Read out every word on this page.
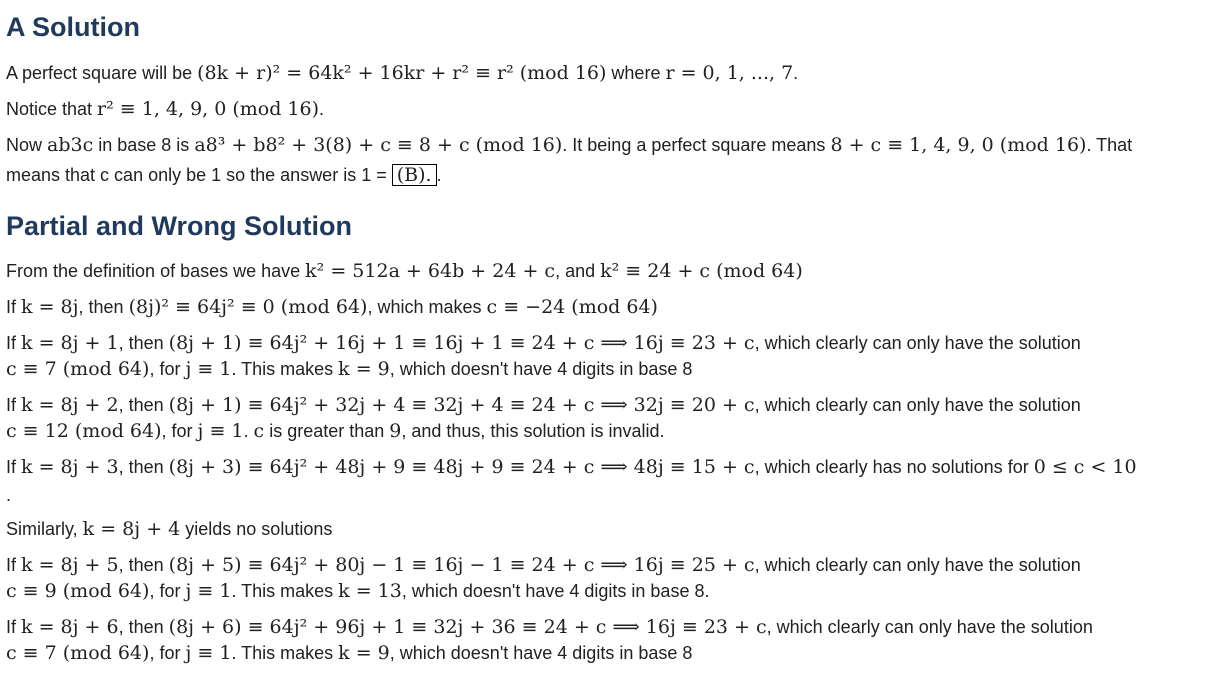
A Solution
A perfect square will be (8k + r)² = 64k² + 16kr + r² ≡ r² (mod 16) where r = 0, 1, ..., 7.
Notice that r² ≡ 1, 4, 9, 0 (mod 16).
Now ab3c in base 8 is a8³ + b8² + 3(8) + c ≡ 8 + c (mod 16). It being a perfect square means 8 + c ≡ 1, 4, 9, 0 (mod 16). That
means that c can only be 1 so the answer is 1 = (B). .
Partial and Wrong Solution
From the definition of bases we have k² = 512a + 64b + 24 + c, and k² ≡ 24 + c (mod 64)
If k = 8j, then (8j)² ≡ 64j² ≡ 0 (mod 64), which makes c ≡ −24 (mod 64)
If k = 8j + 1, then (8j + 1) ≡ 64j² + 16j + 1 ≡ 16j + 1 ≡ 24 + c ⟹ 16j ≡ 23 + c, which clearly can only have the solution
c ≡ 7 (mod 64), for j ≡ 1. This makes k = 9, which doesn't have 4 digits in base 8
If k = 8j + 2, then (8j + 1) ≡ 64j² + 32j + 4 ≡ 32j + 4 ≡ 24 + c ⟹ 32j ≡ 20 + c, which clearly can only have the solution
c ≡ 12 (mod 64), for j ≡ 1. c is greater than 9, and thus, this solution is invalid.
If k = 8j + 3, then (8j + 3) ≡ 64j² + 48j + 9 ≡ 48j + 9 ≡ 24 + c ⟹ 48j ≡ 15 + c, which clearly has no solutions for 0 ≤ c < 10
.
Similarly, k = 8j + 4 yields no solutions
If k = 8j + 5, then (8j + 5) ≡ 64j² + 80j − 1 ≡ 16j − 1 ≡ 24 + c ⟹ 16j ≡ 25 + c, which clearly can only have the solution
c ≡ 9 (mod 64), for j ≡ 1. This makes k = 13, which doesn't have 4 digits in base 8.
If k = 8j + 6, then (8j + 6) ≡ 64j² + 96j + 1 ≡ 32j + 36 ≡ 24 + c ⟹ 16j ≡ 23 + c, which clearly can only have the solution
c ≡ 7 (mod 64), for j ≡ 1. This makes k = 9, which doesn't have 4 digits in base 8
